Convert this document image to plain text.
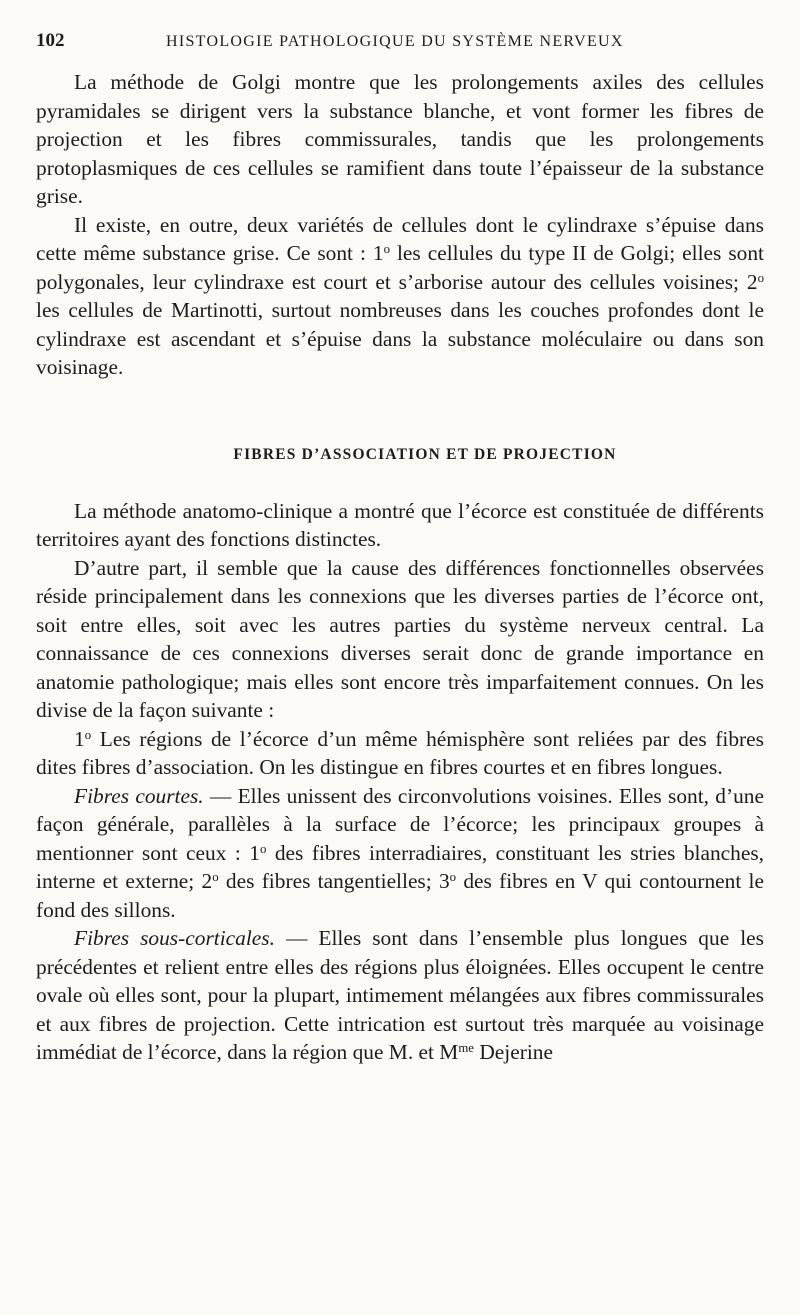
102	HISTOLOGIE PATHOLOGIQUE DU SYSTÈME NERVEUX

La méthode de Golgi montre que les prolongements axiles des cellules pyramidales se dirigent vers la substance blanche, et vont former les fibres de projection et les fibres commissurales, tandis que les prolongements protoplasmiques de ces cellules se ramifient dans toute l’épaisseur de la substance grise.

Il existe, en outre, deux variétés de cellules dont le cylindraxe s’épuise dans cette même substance grise. Ce sont : 1$^o$ les cellules du type II de Golgi; elles sont polygonales, leur cylindraxe est court et s’arborise autour des cellules voisines; 2$^o$ les cellules de Martinotti, surtout nombreuses dans les couches profondes dont le cylindraxe est ascendant et s’épuise dans la substance moléculaire ou dans son voisinage.

FIBRES D’ASSOCIATION ET DE PROJECTION

La méthode anatomo-clinique a montré que l’écorce est constituée de différents territoires ayant des fonctions distinctes.

D’autre part, il semble que la cause des différences fonctionnelles observées réside principalement dans les connexions que les diverses parties de l’écorce ont, soit entre elles, soit avec les autres parties du système nerveux central. La connaissance de ces connexions diverses serait donc de grande importance en anatomie pathologique; mais elles sont encore très imparfaitement connues. On les divise de la façon suivante :

1$^o$ Les régions de l’écorce d’un même hémisphère sont reliées par des fibres dites fibres d’association. On les distingue en fibres courtes et en fibres longues.

Fibres courtes. — Elles unissent des circonvolutions voisines. Elles sont, d’une façon générale, parallèles à la surface de l’écorce; les principaux groupes à mentionner sont ceux : 1$^o$ des fibres interradiaires, constituant les stries blanches, interne et externe; 2$^o$ des fibres tangentielles; 3$^o$ des fibres en V qui contournent le fond des sillons.

Fibres sous-corticales. — Elles sont dans l’ensemble plus longues que les précédentes et relient entre elles des régions plus éloignées. Elles occupent le centre ovale où elles sont, pour la plupart, intimement mélangées aux fibres commissurales et aux fibres de projection. Cette intrication est surtout très marquée au voisinage immédiat de l’écorce, dans la région que M. et $M^{me}$ Dejerine
